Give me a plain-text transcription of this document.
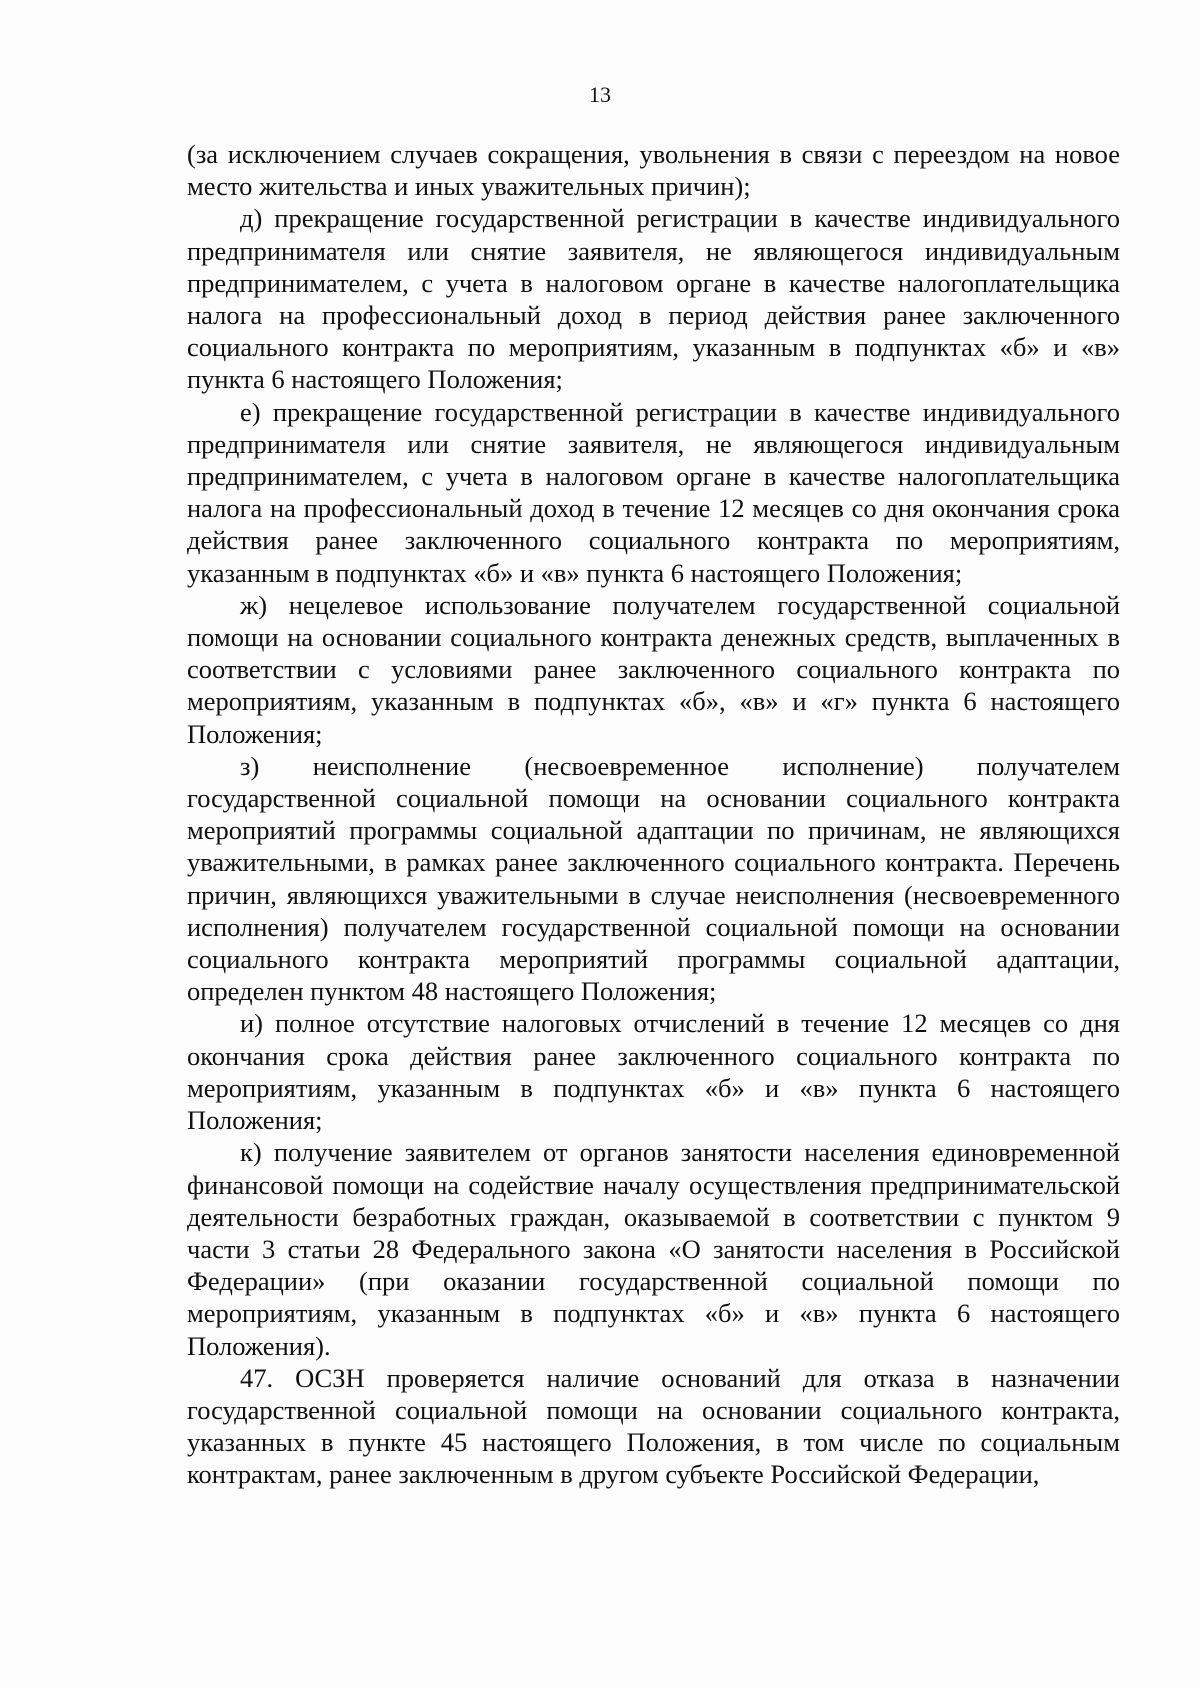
13

(за исключением случаев сокращения, увольнения в связи с переездом на новое место жительства и иных уважительных причин);

д) прекращение государственной регистрации в качестве индивидуального предпринимателя или снятие заявителя, не являющегося индивидуальным предпринимателем, с учета в налоговом органе в качестве налогоплательщика налога на профессиональный доход в период действия ранее заключенного социального контракта по мероприятиям, указанным в подпунктах «б» и «в» пункта 6 настоящего Положения;

е) прекращение государственной регистрации в качестве индивидуального предпринимателя или снятие заявителя, не являющегося индивидуальным предпринимателем, с учета в налоговом органе в качестве налогоплательщика налога на профессиональный доход в течение 12 месяцев со дня окончания срока действия ранее заключенного социального контракта по мероприятиям, указанным в подпунктах «б» и «в» пункта 6 настоящего Положения;

ж) нецелевое использование получателем государственной социальной помощи на основании социального контракта денежных средств, выплаченных в соответствии с условиями ранее заключенного социального контракта по мероприятиям, указанным в подпунктах «б», «в» и «г» пункта 6 настоящего Положения;

з) неисполнение (несвоевременное исполнение) получателем государственной социальной помощи на основании социального контракта мероприятий программы социальной адаптации по причинам, не являющихся уважительными, в рамках ранее заключенного социального контракта. Перечень причин, являющихся уважительными в случае неисполнения (несвоевременного исполнения) получателем государственной социальной помощи на основании социального контракта мероприятий программы социальной адаптации, определен пунктом 48 настоящего Положения;

и) полное отсутствие налоговых отчислений в течение 12 месяцев со дня окончания срока действия ранее заключенного социального контракта по мероприятиям, указанным в подпунктах «б» и «в» пункта 6 настоящего Положения;

к) получение заявителем от органов занятости населения единовременной финансовой помощи на содействие началу осуществления предпринимательской деятельности безработных граждан, оказываемой в соответствии с пунктом 9 части 3 статьи 28 Федерального закона «О занятости населения в Российской Федерации» (при оказании государственной социальной помощи по мероприятиям, указанным в подпунктах «б» и «в» пункта 6 настоящего Положения).

47. ОСЗН проверяется наличие оснований для отказа в назначении государственной социальной помощи на основании социального контракта, указанных в пункте 45 настоящего Положения, в том числе по социальным контрактам, ранее заключенным в другом субъекте Российской Федерации,
